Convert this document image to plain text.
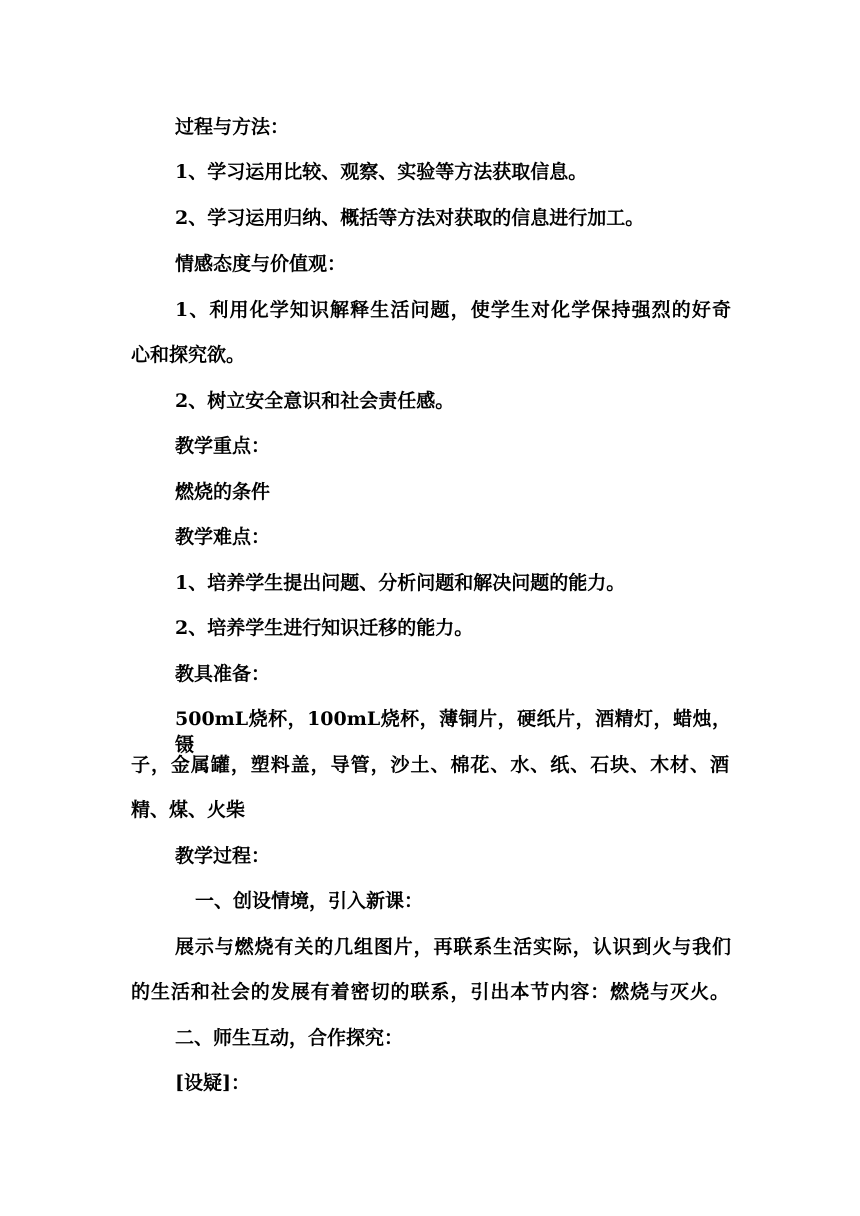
过程与方法：
1、学习运用比较、观察、实验等方法获取信息。
2、学习运用归纳、概括等方法对获取的信息进行加工。
情感态度与价值观：
1、利用化学知识解释生活问题，使学生对化学保持强烈的好奇
心和探究欲。
2、树立安全意识和社会责任感。
教学重点：
燃烧的条件
教学难点：
1、培养学生提出问题、分析问题和解决问题的能力。
2、培养学生进行知识迁移的能力。
教具准备：
500mL烧杯，100mL烧杯，薄铜片，硬纸片，酒精灯，蜡烛，镊
子，金属罐，塑料盖，导管，沙土、棉花、水、纸、石块、木材、酒
精、煤、火柴
教学过程：
一、创设情境，引入新课：
展示与燃烧有关的几组图片，再联系生活实际，认识到火与我们
的生活和社会的发展有着密切的联系，引出本节内容：燃烧与灭火。
二、师生互动，合作探究：
[设疑]：
